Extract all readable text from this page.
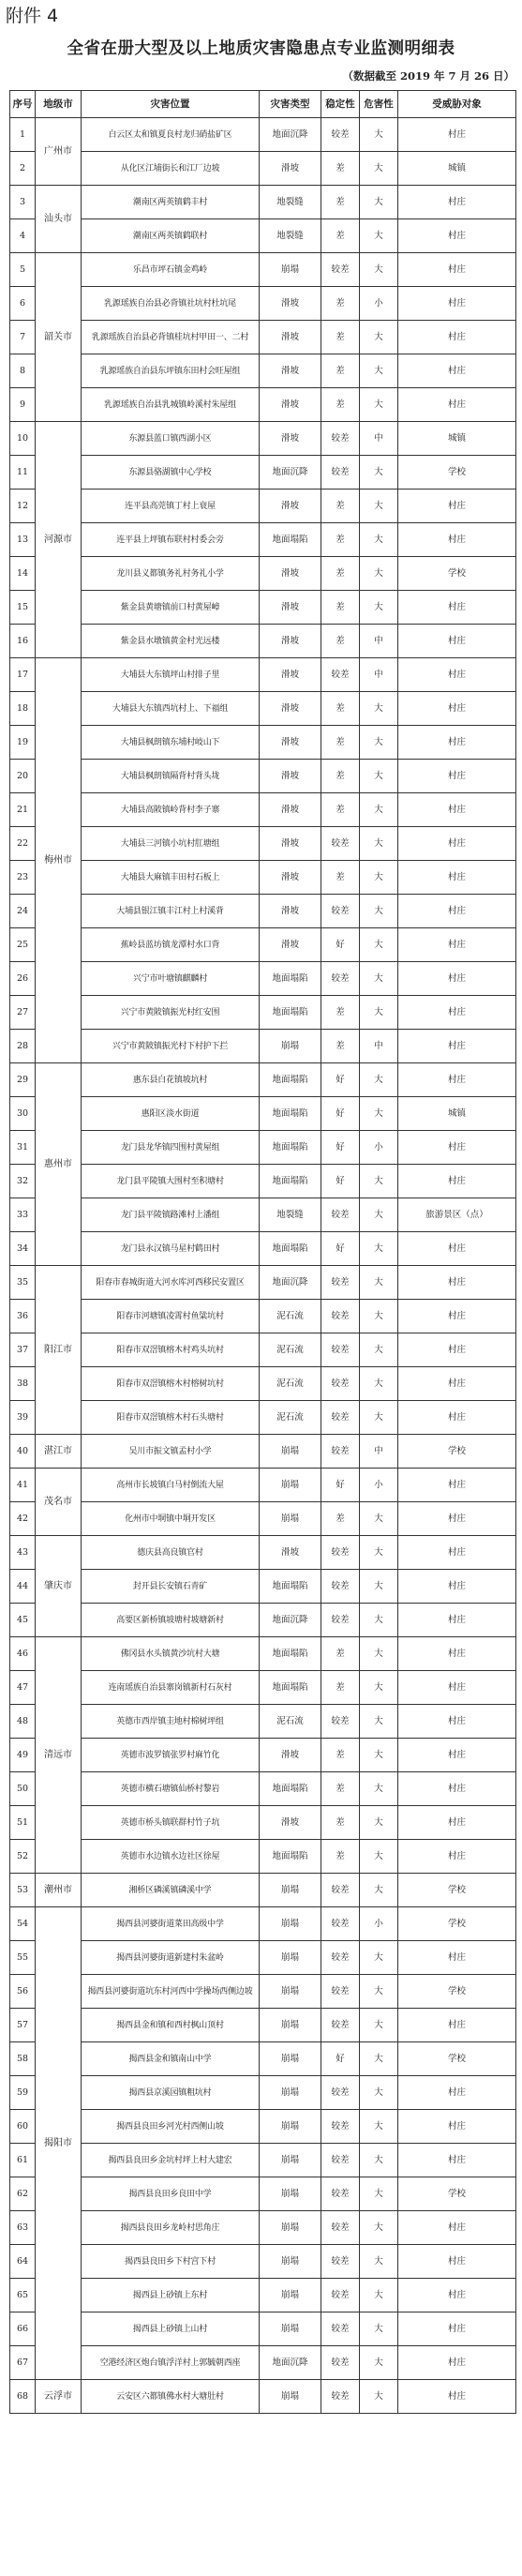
附件 4
全省在册大型及以上地质灾害隐患点专业监测明细表
（数据截至 2019 年 7 月 26 日）
序号	地级市	灾害位置	灾害类型	稳定性	危害性	受威胁对象
1	广州市	白云区太和镇夏良村龙归硝盐矿区	地面沉降	较差	大	村庄
2		从化区江埔街长和江厂边坡	滑坡	差	大	城镇
3	汕头市	潮南区两英镇鹤丰村	地裂缝	差	大	村庄
4		潮南区两英镇鹤联村	地裂缝	差	大	村庄
5	韶关市	乐昌市坪石镇金鸡岭	崩塌	较差	大	村庄
6		乳源瑶族自治县必背镇社坑村杜坑尾	滑坡	差	小	村庄
7		乳源瑶族自治县必背镇桂坑村甲田一、二村	滑坡	差	大	村庄
8		乳源瑶族自治县东坪镇东田村会旺屋组	滑坡	差	大	村庄
9		乳源瑶族自治县乳城镇岭溪村朱屋组	滑坡	差	大	村庄
10	河源市	东源县蓝口镇西湖小区	滑坡	较差	中	城镇
11		东源县骆湖镇中心学校	地面沉降	较差	大	学校
12		连平县高莞镇丁村上衰屋	滑坡	差	大	村庄
13		连平县上坪镇布联村村委会旁	地面塌陷	差	大	村庄
14		龙川县义都镇务礼村务礼小学	滑坡	差	大	学校
15		紫金县黄塘镇前口村黄屋嶂	滑坡	差	大	村庄
16		紫金县水墩镇黄金村光远楼	滑坡	差	中	村庄
17	梅州市	大埔县大东镇坪山村排子里	滑坡	较差	中	村庄
18		大埔县大东镇西坑村上、下福组	滑坡	差	大	村庄
19		大埔县枫朗镇东埔村岐山下	滑坡	差	大	村庄
20		大埔县枫朗镇隔背村背头垅	滑坡	差	大	村庄
21		大埔县高陂镇岭背村李子寨	滑坡	差	大	村庄
22		大埔县三河镇小坑村肛塘组	滑坡	较差	大	村庄
23		大埔县大麻镇丰田村石板上	滑坡	差	大	村庄
24		大埔县银江镇丰江村上村溪背	滑坡	较差	大	村庄
25		蕉岭县蓝坊镇龙潭村水口背	滑坡	好	大	村庄
26		兴宁市叶塘镇麒麟村	地面塌陷	较差	大	村庄
27		兴宁市黄陂镇振光村红安围	地面塌陷	差	大	村庄
28		兴宁市黄陂镇振光村下村护下拦	崩塌	差	中	村庄
29	惠州市	惠东县白花镇坡坑村	地面塌陷	好	大	村庄
30		惠阳区淡水街道	地面塌陷	好	大	城镇
31		龙门县龙华镇四围村黄屋组	地面塌陷	好	小	村庄
32		龙门县平陵镇大围村至积塘村	地面塌陷	好	大	村庄
33		龙门县平陵镇路滩村上潘组	地裂缝	较差	大	旅游景区（点）
34		龙门县永汉镇马星村鹤田村	地面塌陷	好	大	村庄
35	阳江市	阳春市春城街道大河水库河西移民安置区	地面沉降	较差	大	村庄
36		阳春市河塘镇凌霄村鱼粱坑村	泥石流	较差	大	村庄
37		阳春市双滘镇榕木村鸡头坑村	泥石流	较差	大	村庄
38		阳春市双滘镇榕木村榕树坑村	泥石流	较差	大	村庄
39		阳春市双滘镇榕木村石头塘村	泥石流	较差	大	村庄
40	湛江市	吴川市振文镇孟村小学	崩塌	较差	中	学校
41	茂名市	高州市长坡镇白马村倒流大屋	崩塌	好	小	村庄
42		化州市中垌镇中垌开发区	崩塌	差	大	村庄
43	肇庆市	德庆县高良镇官村	滑坡	较差	大	村庄
44		封开县长安镇石青矿	地面塌陷	较差	大	村庄
45		高要区新桥镇坡塘村坡塘新村	地面沉降	较差	大	村庄
46	清远市	佛冈县水头镇黄沙坑村大塘	地面塌陷	差	大	村庄
47		连南瑶族自治县寨岗镇新村石灰村	地面塌陷	差	大	村庄
48		英德市西岸镇圭地村棉树坪组	泥石流	较差	大	村庄
49		英德市波罗镇张罗村麻竹化	滑坡	差	大	村庄
50		英德市横石塘镇仙桥村黎岩	地面塌陷	差	大	村庄
51		英德市桥头镇联群村竹子坑	滑坡	差	大	村庄
52		英德市水边镇水边社区徐屋	地面塌陷	差	大	村庄
53	潮州市	湘桥区磷溪镇磷溪中学	崩塌	较差	大	学校
54	揭阳市	揭西县河婆街道菜田高级中学	崩塌	较差	小	学校
55		揭西县河婆街道新建村朱盆岭	崩塌	较差	大	村庄
56		揭西县河婆街道坑东村河西中学操场西侧边坡	崩塌	较差	大	学校
57		揭西县金和镇和西村枫山顶村	崩塌	较差	大	村庄
58		揭西县金和镇南山中学	崩塌	好	大	学校
59		揭西县京溪园镇粗坑村	崩塌	较差	大	村庄
60		揭西县良田乡河光村西侧山坡	崩塌	较差	大	村庄
61		揭西县良田乡金坑村坪上村大建宏	崩塌	较差	大	村庄
62		揭西县良田乡良田中学	崩塌	较差	大	学校
63		揭西县良田乡龙岭村思角庄	崩塌	较差	大	村庄
64		揭西县良田乡下村宫下村	崩塌	较差	大	村庄
65		揭西县上砂镇上东村	崩塌	较差	大	村庄
66		揭西县上砂镇上山村	崩塌	较差	大	村庄
67		空港经济区炮台镇浮洋村上郭毓朝西座	地面沉降	较差	大	村庄
68	云浮市	云安区六都镇佛水村大塘肚村	崩塌	较差	大	村庄
